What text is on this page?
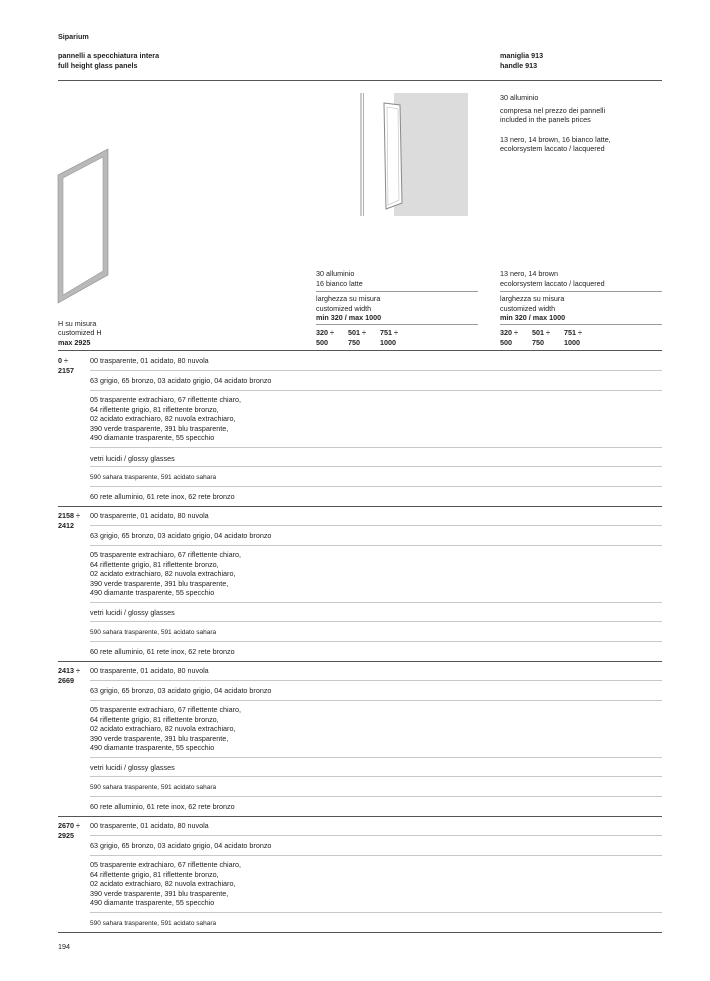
Siparium
pannelli a specchiatura intera
full height glass panels
maniglia 913
handle 913
30 alluminio
compresa nel prezzo dei pannelli
included in the panels prices
13 nero, 14 brown, 16 bianco latte,
ecolorsystem laccato / lacquered
30 alluminio
16 bianco latte
larghezza su misura
customized width
min 320 / max 1000
320 ÷
500
501 ÷
750
751 ÷
1000
13 nero, 14 brown
ecolorsystem laccato / lacquered
larghezza su misura
customized width
min 320 / max 1000
320 ÷
500
501 ÷
750
751 ÷
1000
H su misura
customized H
max 2925
0 ÷
2157
00 trasparente, 01 acidato, 80 nuvola
63 grigio, 65 bronzo, 03 acidato grigio, 04 acidato bronzo
05 trasparente extrachiaro, 67 riflettente chiaro,
64 riflettente grigio, 81 riflettente bronzo,
02 acidato extrachiaro, 82 nuvola extrachiaro,
390 verde trasparente, 391 blu trasparente,
490 diamante trasparente, 55 specchio
vetri lucidi / glossy glasses
590 sahara trasparente, 591 acidato sahara
60 rete alluminio, 61 rete inox, 62 rete bronzo
2158 ÷
2412
00 trasparente, 01 acidato, 80 nuvola
63 grigio, 65 bronzo, 03 acidato grigio, 04 acidato bronzo
05 trasparente extrachiaro, 67 riflettente chiaro,
64 riflettente grigio, 81 riflettente bronzo,
02 acidato extrachiaro, 82 nuvola extrachiaro,
390 verde trasparente, 391 blu trasparente,
490 diamante trasparente, 55 specchio
vetri lucidi / glossy glasses
590 sahara trasparente, 591 acidato sahara
60 rete alluminio, 61 rete inox, 62 rete bronzo
2413 ÷
2669
00 trasparente, 01 acidato, 80 nuvola
63 grigio, 65 bronzo, 03 acidato grigio, 04 acidato bronzo
05 trasparente extrachiaro, 67 riflettente chiaro,
64 riflettente grigio, 81 riflettente bronzo,
02 acidato extrachiaro, 82 nuvola extrachiaro,
390 verde trasparente, 391 blu trasparente,
490 diamante trasparente, 55 specchio
vetri lucidi / glossy glasses
590 sahara trasparente, 591 acidato sahara
60 rete alluminio, 61 rete inox, 62 rete bronzo
2670 ÷
2925
00 trasparente, 01 acidato, 80 nuvola
63 grigio, 65 bronzo, 03 acidato grigio, 04 acidato bronzo
05 trasparente extrachiaro, 67 riflettente chiaro,
64 riflettente grigio, 81 riflettente bronzo,
02 acidato extrachiaro, 82 nuvola extrachiaro,
390 verde trasparente, 391 blu trasparente,
490 diamante trasparente, 55 specchio
590 sahara trasparente, 591 acidato sahara
194
